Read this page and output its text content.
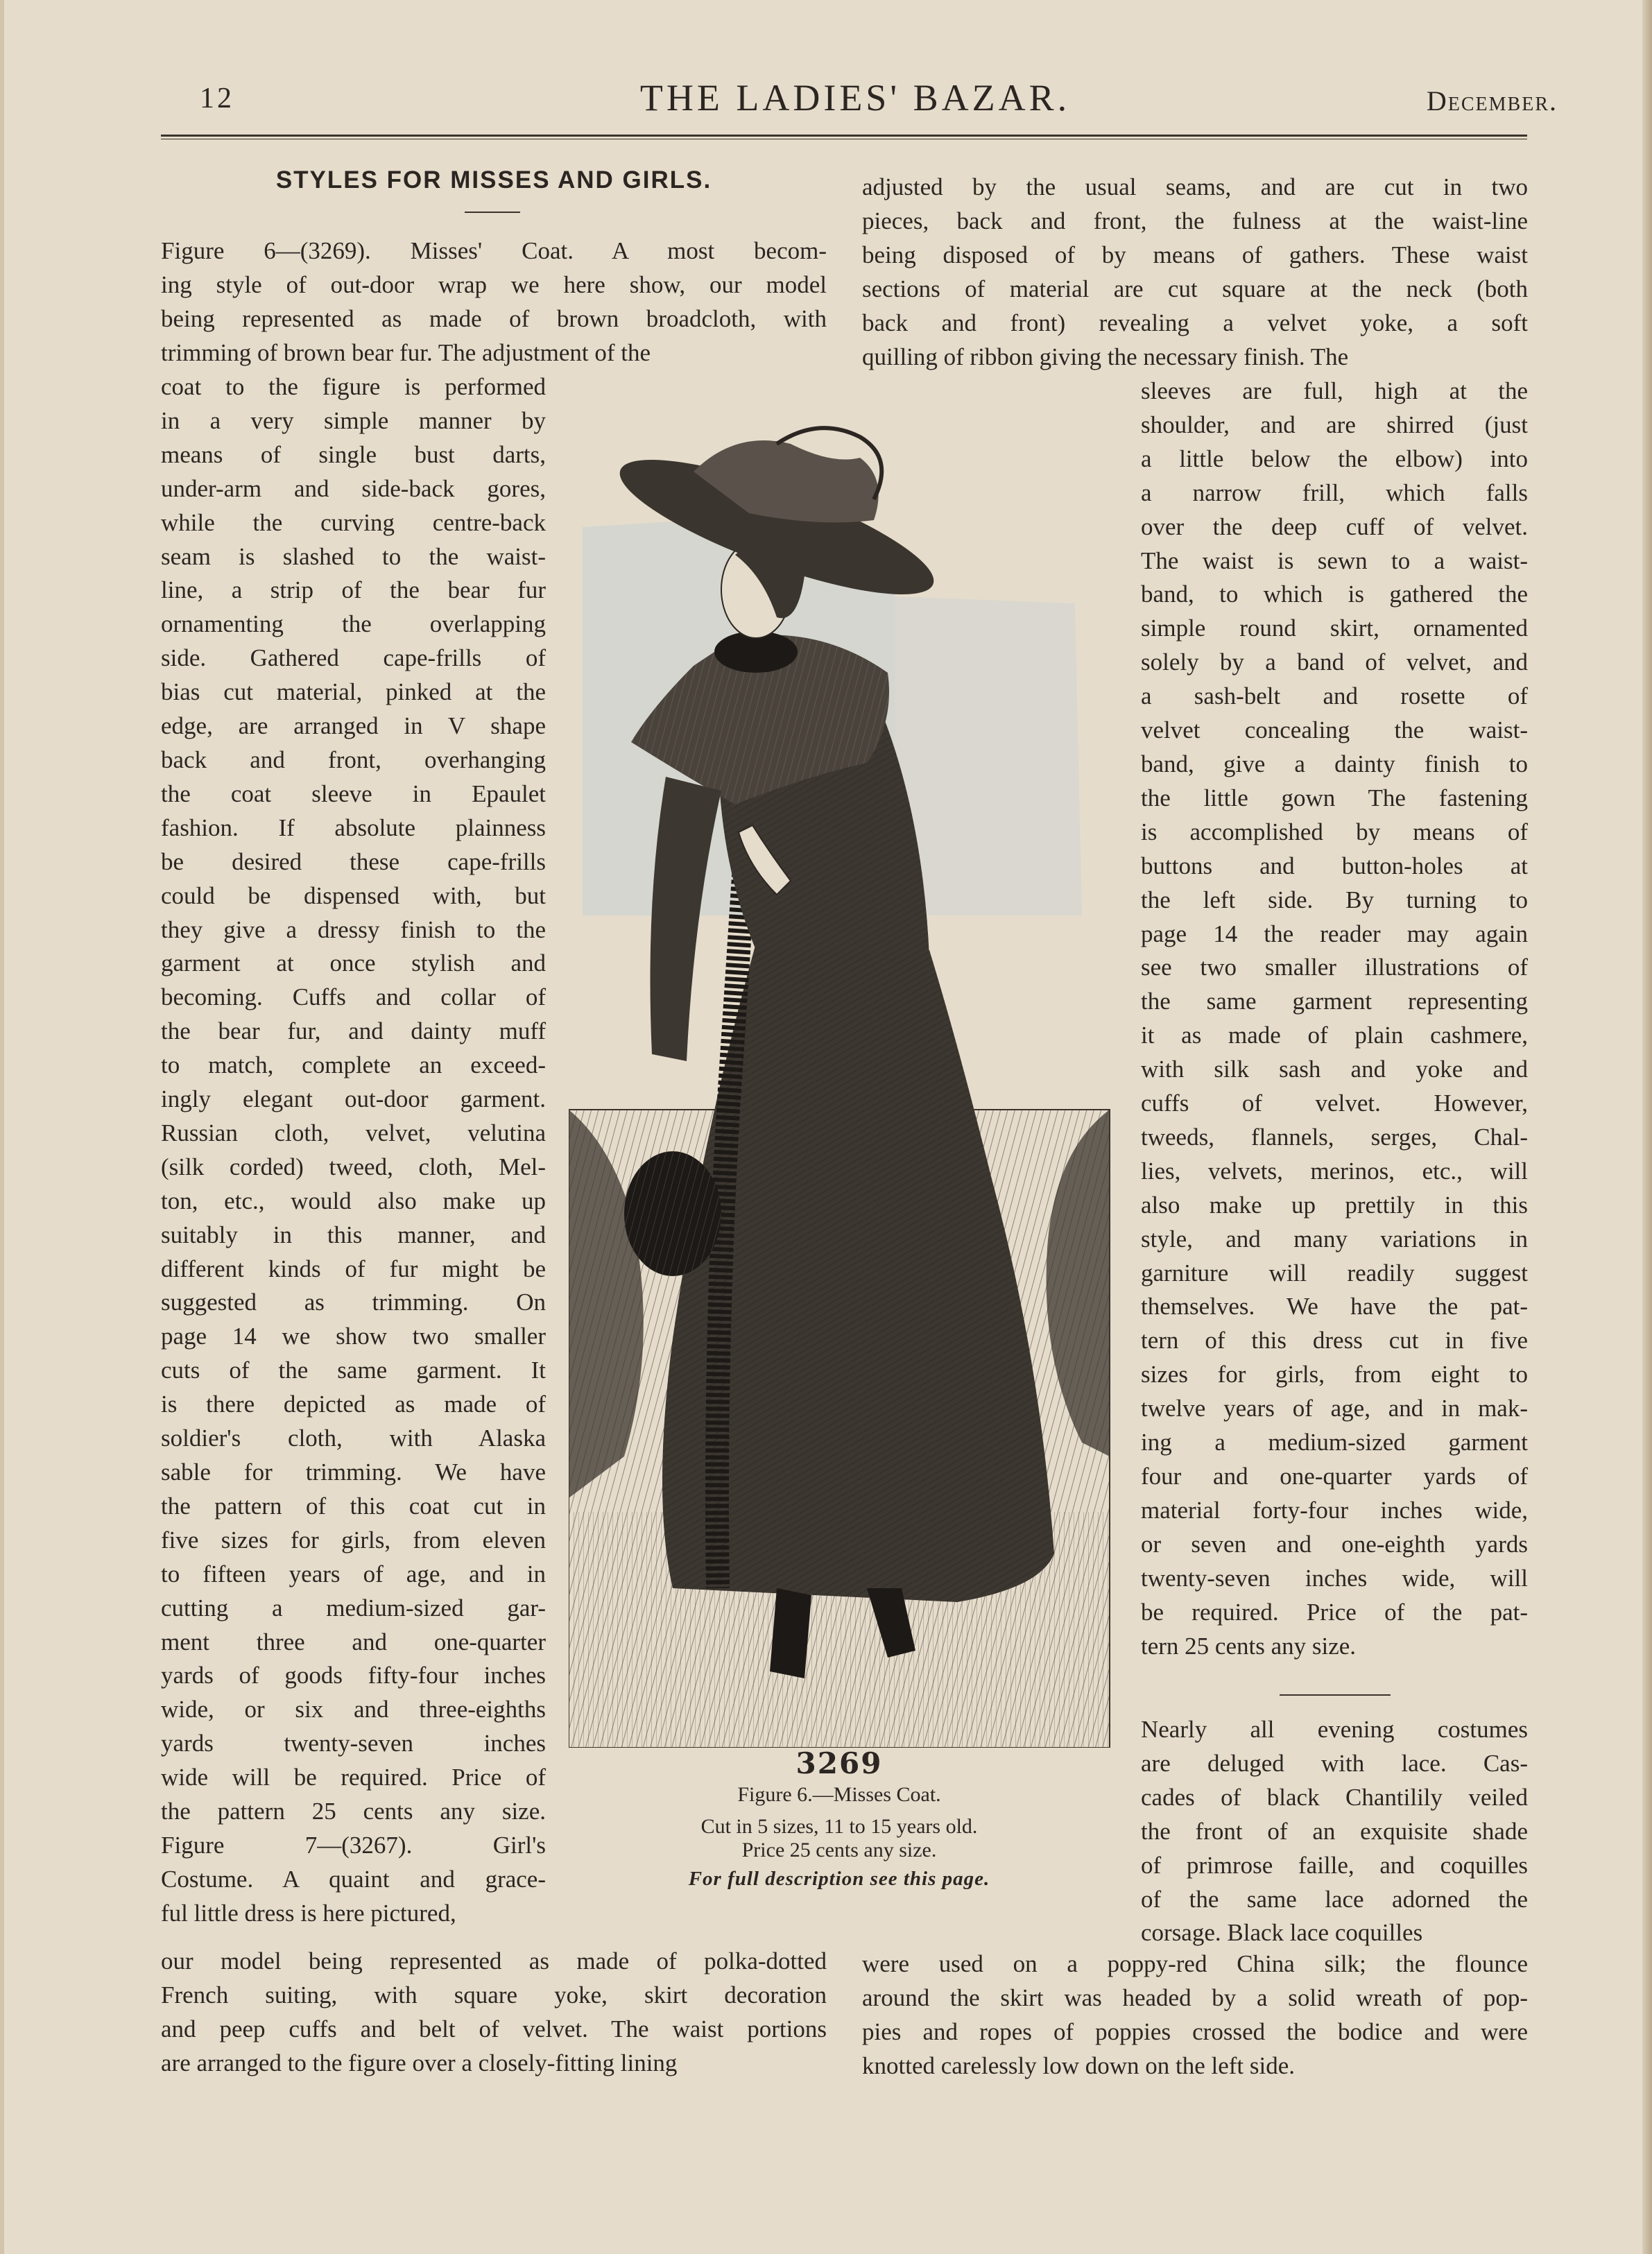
12	THE LADIES' BAZAR.	December.
STYLES FOR MISSES AND GIRLS.

Figure 6—(3269). Misses' Coat. A most becom-

ing style of out-door wrap we here show, our model

being represented as made of brown broadcloth, with

trimming of brown bear fur. The adjustment of the

coat to the figure is performed

in a very simple manner by

means of single bust darts,

under-arm and side-back gores,

while the curving centre-back

seam is slashed to the waist-

line, a strip of the bear fur

ornamenting the overlapping

side. Gathered cape-frills of

bias cut material, pinked at the

edge, are arranged in V shape

back and front, overhanging

the coat sleeve in Epaulet

fashion. If absolute plainness

be desired these cape-frills

could be dispensed with, but

they give a dressy finish to the

garment at once stylish and

becoming. Cuffs and collar of

the bear fur, and dainty muff

to match, complete an exceed-

ingly elegant out-door garment.

Russian cloth, velvet, velutina

(silk corded) tweed, cloth, Mel-

ton, etc., would also make up

suitably in this manner, and

different kinds of fur might be

suggested as trimming. On

page 14 we show two smaller

cuts of the same garment. It

is there depicted as made of

soldier's cloth, with Alaska

sable for trimming. We have

the pattern of this coat cut in

five sizes for girls, from eleven

to fifteen years of age, and in

cutting a medium-sized gar-

ment three and one-quarter

yards of goods fifty-four inches

wide, or six and three-eighths

yards twenty-seven inches

wide will be required. Price of

the pattern 25 cents any size.

Figure 7—(3267). Girl's

Costume. A quaint and grace-

ful little dress is here pictured,

our model being represented as made of polka-dotted

French suiting, with square yoke, skirt decoration

and peep cuffs and belt of velvet. The waist portions

are arranged to the figure over a closely-fitting lining

adjusted by the usual seams, and are cut in two

pieces, back and front, the fulness at the waist-line

being disposed of by means of gathers. These waist

sections of material are cut square at the neck (both

back and front) revealing a velvet yoke, a soft

quilling of ribbon giving the necessary finish. The

sleeves are full, high at the

shoulder, and are shirred (just

a little below the elbow) into

a narrow frill, which falls

over the deep cuff of velvet.

The waist is sewn to a waist-

band, to which is gathered the

simple round skirt, ornamented

solely by a band of velvet, and

a sash-belt and rosette of

velvet concealing the waist-

band, give a dainty finish to

the little gown The fastening

is accomplished by means of

buttons and button-holes at

the left side. By turning to

page 14 the reader may again

see two smaller illustrations of

the same garment representing

it as made of plain cashmere,

with silk sash and yoke and

cuffs of velvet. However,

tweeds, flannels, serges, Chal-

lies, velvets, merinos, etc., will

also make up prettily in this

style, and many variations in

garniture will readily suggest

themselves. We have the pat-

tern of this dress cut in five

sizes for girls, from eight to

twelve years of age, and in mak-

ing a medium-sized garment

four and one-quarter yards of

material forty-four inches wide,

or seven and one-eighth yards

twenty-seven inches wide, will

be required. Price of the pat-

tern 25 cents any size.

Nearly all evening costumes

are deluged with lace. Cas-

cades of black Chantilily veiled

the front of an exquisite shade

of primrose faille, and coquilles

of the same lace adorned the

corsage. Black lace coquilles

were used on a poppy-red China silk; the flounce

around the skirt was headed by a solid wreath of pop-

pies and ropes of poppies crossed the bodice and were

knotted carelessly low down on the left side.

3269
Figure 6.—Misses Coat.
Cut in 5 sizes, 11 to 15 years old.
Price 25 cents any size.
For full description see this page.
